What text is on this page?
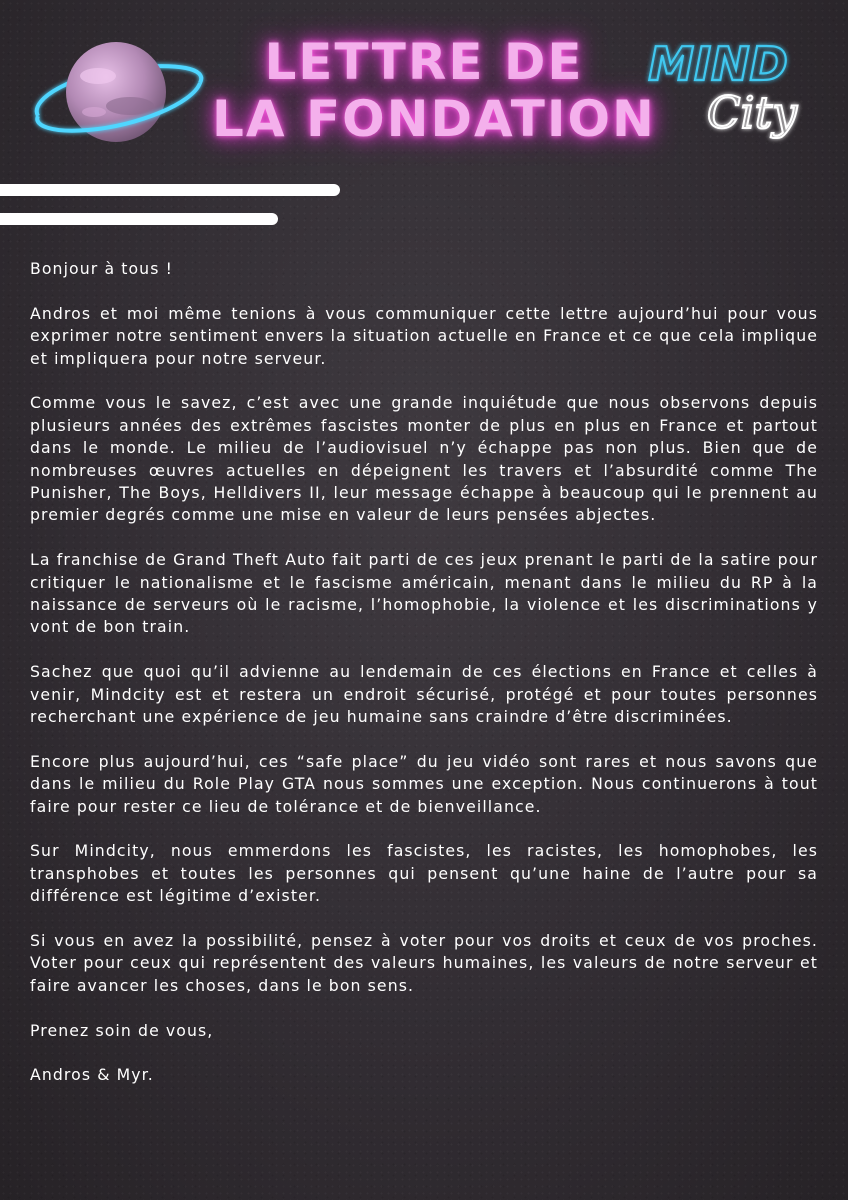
LETTRE DE
LA FONDATION
MIND
City

Bonjour à tous !

Andros et moi même tenions à vous communiquer cette lettre aujourd’hui pour vous exprimer notre sentiment envers la situation actuelle en France et ce que cela implique et impliquera pour notre serveur.

Comme vous le savez, c’est avec une grande inquiétude que nous observons depuis plusieurs années des extrêmes fascistes monter de plus en plus en France et partout dans le monde. Le milieu de l’audiovisuel n’y échappe pas non plus. Bien que de nombreuses œuvres actuelles en dépeignent les travers et l’absurdité comme The Punisher, The Boys, Helldivers II, leur message échappe à beaucoup qui le prennent au premier degrés comme une mise en valeur de leurs pensées abjectes.

La franchise de Grand Theft Auto fait parti de ces jeux prenant le parti de la satire pour critiquer le nationalisme et le fascisme américain, menant dans le milieu du RP à la naissance de serveurs où le racisme, l’homophobie, la violence et les discriminations y vont de bon train.

Sachez que quoi qu’il advienne au lendemain de ces élections en France et celles à venir, Mindcity est et restera un endroit sécurisé, protégé et pour toutes personnes recherchant une expérience de jeu humaine sans craindre d’être discriminées.

Encore plus aujourd’hui, ces “safe place” du jeu vidéo sont rares et nous savons que dans le milieu du Role Play GTA nous sommes une exception. Nous continuerons à tout faire pour rester ce lieu de tolérance et de bienveillance.

Sur Mindcity, nous emmerdons les fascistes, les racistes, les homophobes, les transphobes et toutes les personnes qui pensent qu’une haine de l’autre pour sa différence est légitime d’exister.

Si vous en avez la possibilité, pensez à voter pour vos droits et ceux de vos proches. Voter pour ceux qui représentent des valeurs humaines, les valeurs de notre serveur et faire avancer les choses, dans le bon sens.

Prenez soin de vous,

Andros & Myr.
